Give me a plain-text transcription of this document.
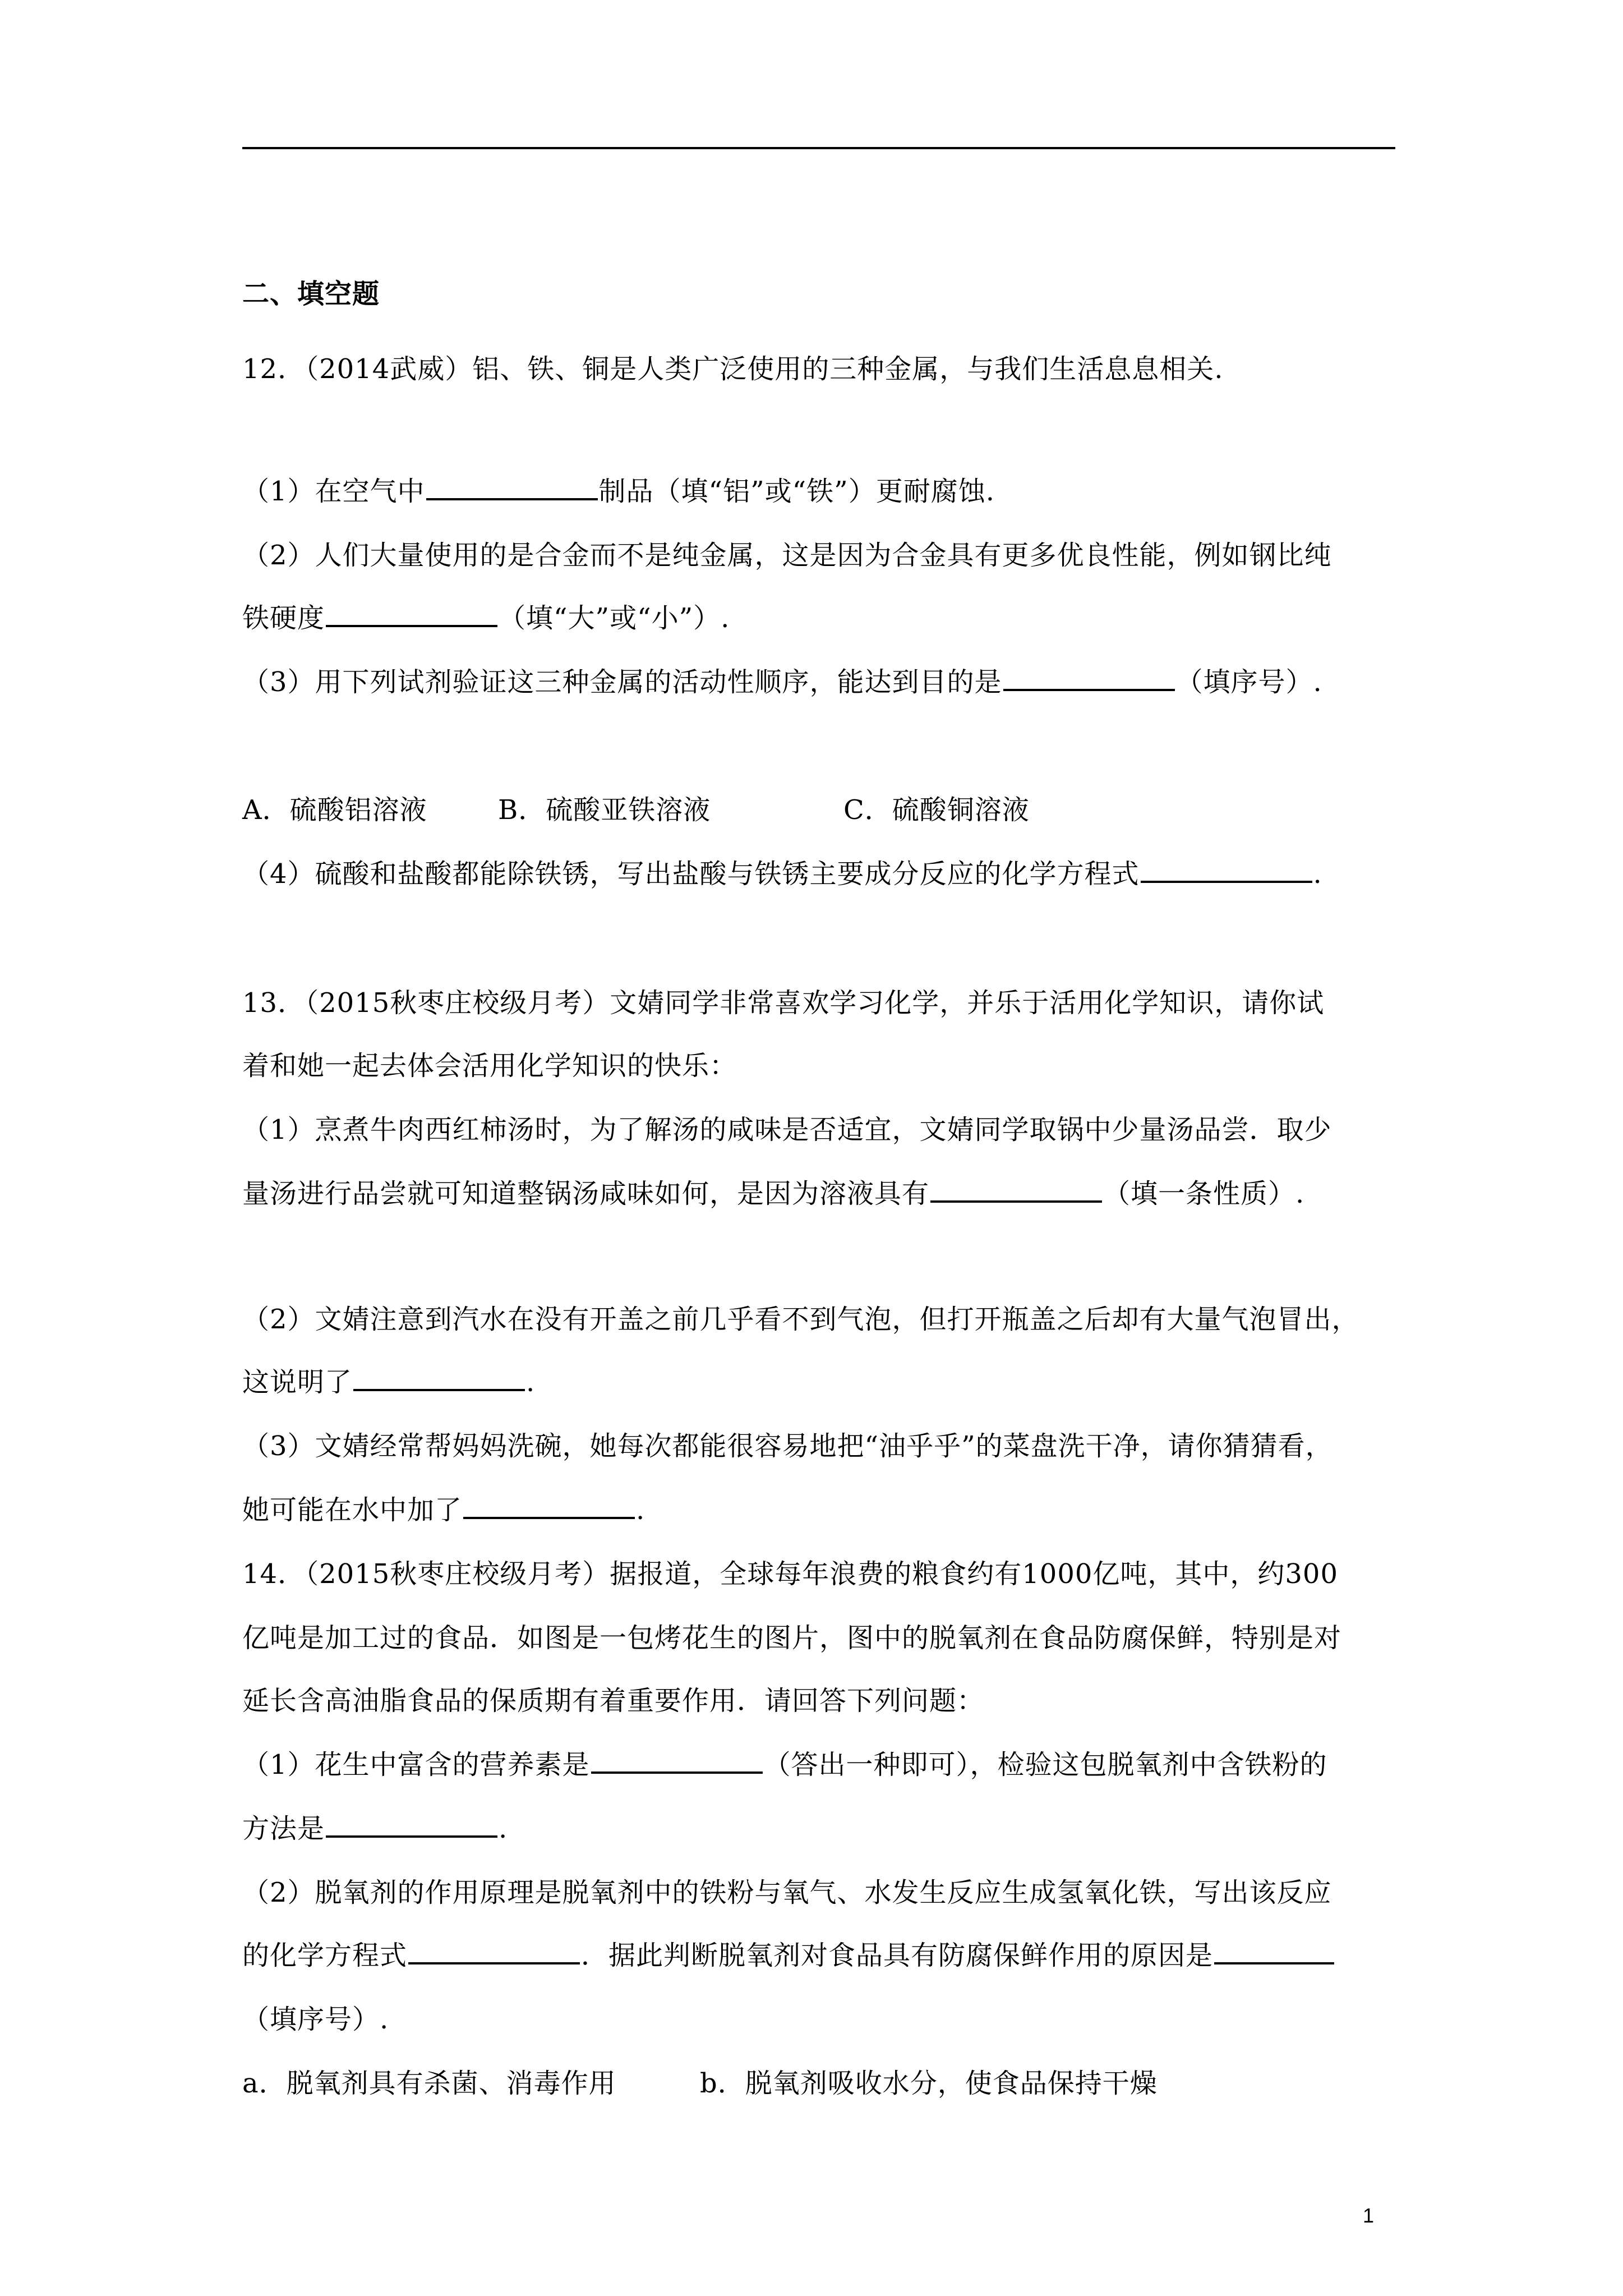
二、填空题
12．（2014武威）铝、铁、铜是人类广泛使用的三种金属，与我们生活息息相关.
（1）在空气中	制品（填“铝”或“铁”）更耐腐蚀.
（2）人们大量使用的是合金而不是纯金属，这是因为合金具有更多优良性能，例如钢比纯
铁硬度	（填“大”或“小”）.
（3）用下列试剂验证这三种金属的活动性顺序，能达到目的是	（填序号）.
A．硫酸铝溶液	B．硫酸亚铁溶液	C．硫酸铜溶液
（4）硫酸和盐酸都能除铁锈，写出盐酸与铁锈主要成分反应的化学方程式	.
13．（2015秋枣庄校级月考）文婧同学非常喜欢学习化学，并乐于活用化学知识，请你试
着和她一起去体会活用化学知识的快乐：
（1）烹煮牛肉西红柿汤时，为了解汤的咸味是否适宜，文婧同学取锅中少量汤品尝．取少
量汤进行品尝就可知道整锅汤咸味如何，是因为溶液具有	（填一条性质）.
（2）文婧注意到汽水在没有开盖之前几乎看不到气泡，但打开瓶盖之后却有大量气泡冒出，
这说明了	.
（3）文婧经常帮妈妈洗碗，她每次都能很容易地把“油乎乎”的菜盘洗干净，请你猜猜看，
她可能在水中加了	.
14．（2015秋枣庄校级月考）据报道，全球每年浪费的粮食约有1000亿吨，其中，约300
亿吨是加工过的食品．如图是一包烤花生的图片，图中的脱氧剂在食品防腐保鲜，特别是对
延长含高油脂食品的保质期有着重要作用．请回答下列问题：
（1）花生中富含的营养素是	（答出一种即可），检验这包脱氧剂中含铁粉的
方法是	.
（2）脱氧剂的作用原理是脱氧剂中的铁粉与氧气、水发生反应生成氢氧化铁，写出该反应
的化学方程式	．据此判断脱氧剂对食品具有防腐保鲜作用的原因是
（填序号）.
a．脱氧剂具有杀菌、消毒作用	b．脱氧剂吸收水分，使食品保持干燥
1
